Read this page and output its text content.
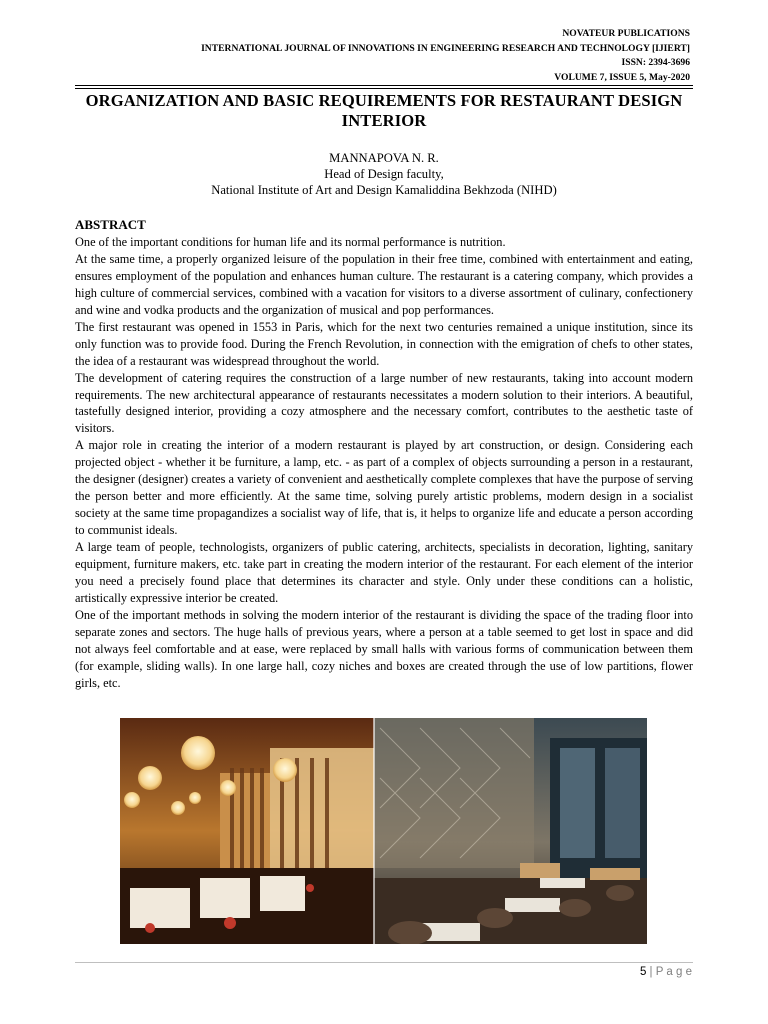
NOVATEUR PUBLICATIONS
INTERNATIONAL JOURNAL OF INNOVATIONS IN ENGINEERING RESEARCH AND TECHNOLOGY [IJIERT]
ISSN: 2394-3696
VOLUME 7, ISSUE 5, May-2020
ORGANIZATION AND BASIC REQUIREMENTS FOR RESTAURANT DESIGN INTERIOR
MANNAPOVA N. R.
Head of Design faculty,
National Institute of Art and Design Kamaliddina Bekhzoda (NIHD)
ABSTRACT

One of the important conditions for human life and its normal performance is nutrition.

At the same time, a properly organized leisure of the population in their free time, combined with entertainment and eating, ensures employment of the population and enhances human culture. The restaurant is a catering company, which provides a high culture of commercial services, combined with a vacation for visitors to a diverse assortment of culinary, confectionery and wine and vodka products and the organization of musical and pop performances.

The first restaurant was opened in 1553 in Paris, which for the next two centuries remained a unique institution, since its only function was to provide food. During the French Revolution, in connection with the emigration of chefs to other states, the idea of a restaurant was widespread throughout the world.

The development of catering requires the construction of a large number of new restaurants, taking into account modern requirements. The new architectural appearance of restaurants necessitates a modern solution to their interiors. A beautiful, tastefully designed interior, providing a cozy atmosphere and the necessary comfort, contributes to the aesthetic taste of visitors.

A major role in creating the interior of a modern restaurant is played by art construction, or design. Considering each projected object - whether it be furniture, a lamp, etc. - as part of a complex of objects surrounding a person in a restaurant, the designer (designer) creates a variety of convenient and aesthetically complete complexes that have the purpose of serving the person better and more efficiently. At the same time, solving purely artistic problems, modern design in a socialist society at the same time propagandizes a socialist way of life, that is, it helps to organize life and educate a person according to communist ideals.

A large team of people, technologists, organizers of public catering, architects, specialists in decoration, lighting, sanitary equipment, furniture makers, etc. take part in creating the modern interior of the restaurant. For each element of the interior you need a precisely found place that determines its character and style. Only under these conditions can a holistic, artistically expressive interior be created.

One of the important methods in solving the modern interior of the restaurant is dividing the space of the trading floor into separate zones and sectors. The huge halls of previous years, where a person at a table seemed to get lost in space and did not always feel comfortable and at ease, were replaced by small halls with various forms of communication between them (for example, sliding walls). In one large hall, cozy niches and boxes are created through the use of low partitions, flower girls, etc.

5 | P a g e
